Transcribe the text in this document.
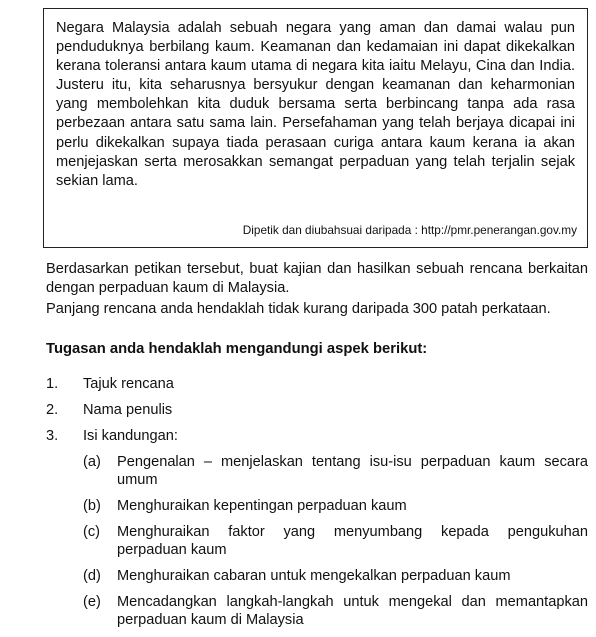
Negara Malaysia adalah sebuah negara yang aman dan damai walau pun penduduknya berbilang kaum. Keamanan dan kedamaian ini dapat dikekalkan kerana toleransi antara kaum utama di negara kita iaitu Melayu, Cina dan India. Justeru itu, kita seharusnya bersyukur dengan keamanan dan keharmonian yang membolehkan kita duduk bersama serta berbincang tanpa ada rasa perbezaan antara satu sama lain. Persefahaman yang telah berjaya dicapai ini perlu dikekalkan supaya tiada perasaan curiga antara kaum kerana ia akan menjejaskan serta merosakkan semangat perpaduan yang telah terjalin sejak sekian lama.

Dipetik dan diubahsuai daripada : http://pmr.penerangan.gov.my

Berdasarkan petikan tersebut, buat kajian dan hasilkan sebuah rencana berkaitan dengan perpaduan kaum di Malaysia.

Panjang rencana anda hendaklah tidak kurang daripada 300 patah perkataan.

Tugasan anda hendaklah mengandungi aspek berikut:
1.	Tajuk rencana
2.	Nama penulis
3.	Isi kandungan:
(a)	Pengenalan – menjelaskan tentang isu-isu perpaduan kaum secara umum
(b)	Menghuraikan kepentingan perpaduan kaum
(c)	Menghuraikan faktor yang menyumbang kepada pengukuhan perpaduan kaum
(d)	Menghuraikan cabaran untuk mengekalkan perpaduan kaum
(e)	Mencadangkan langkah-langkah untuk mengekal dan memantapkan perpaduan kaum di Malaysia
